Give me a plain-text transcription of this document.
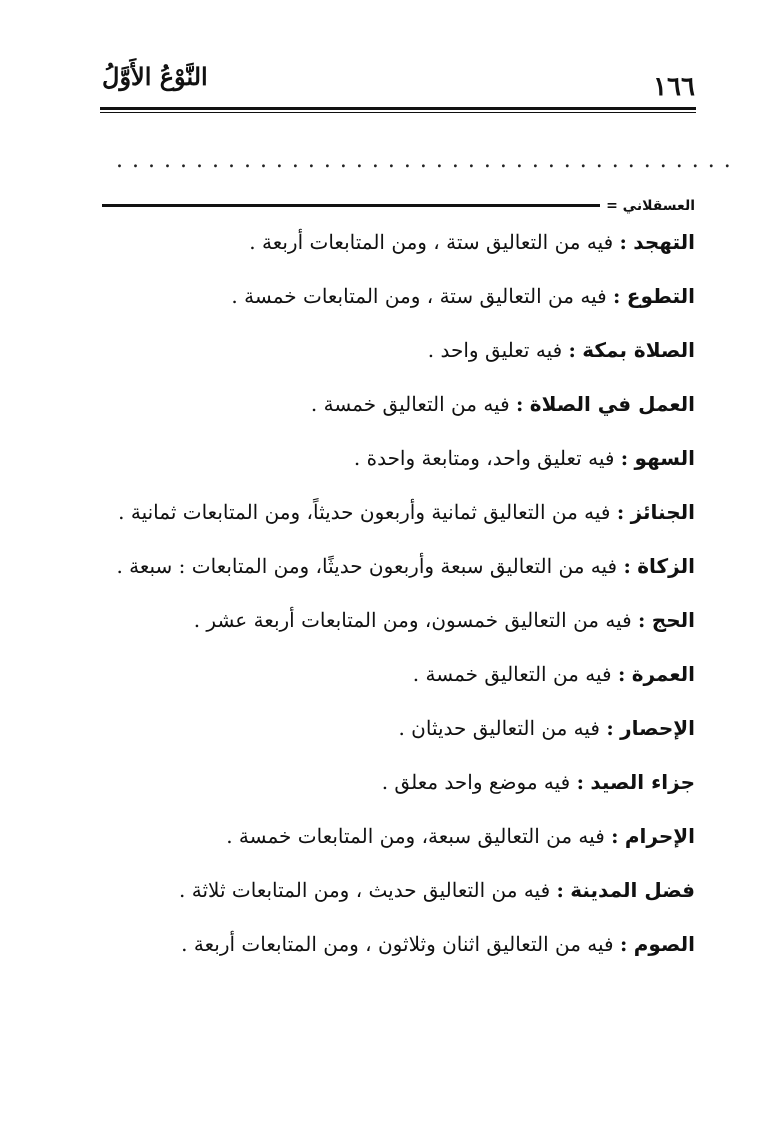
١٦٦
النَّوْعُ الأَوَّلُ
.......................................
العسقلاني =

التهجد : فيه من التعاليق ستة ، ومن المتابعات أربعة .

التطوع : فيه من التعاليق ستة ، ومن المتابعات خمسة .

الصلاة بمكة : فيه تعليق واحد .

العمل في الصلاة : فيه من التعاليق خمسة .

السهو : فيه تعليق واحد، ومتابعة واحدة .

الجنائز : فيه من التعاليق ثمانية وأربعون حديثاً، ومن المتابعات ثمانية .

الزكاة : فيه من التعاليق سبعة وأربعون حديثًا، ومن المتابعات : سبعة .

الحج : فيه من التعاليق خمسون، ومن المتابعات أربعة عشر .

العمرة : فيه من التعاليق خمسة .

الإحصار : فيه من التعاليق حديثان .

جزاء الصيد : فيه موضع واحد معلق .

الإحرام : فيه من التعاليق سبعة، ومن المتابعات خمسة .

فضل المدينة : فيه من التعاليق حديث ، ومن المتابعات ثلاثة .

الصوم : فيه من التعاليق اثنان وثلاثون ، ومن المتابعات أربعة .
